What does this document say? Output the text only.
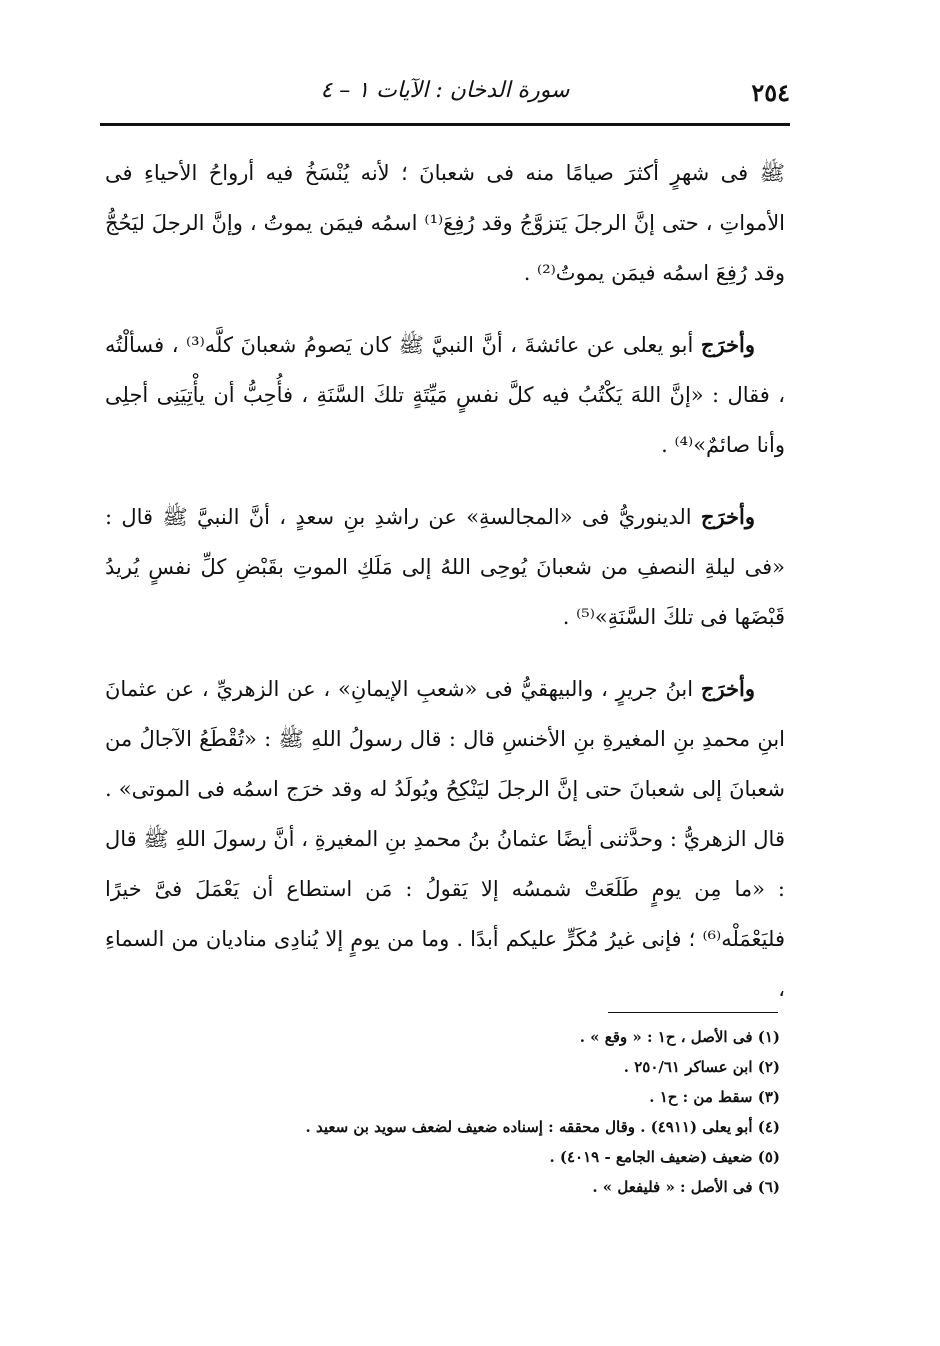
٢٥٤
سورة الدخان : الآيات ١ – ٤

ﷺ فى شهرٍ أكثرَ صيامًا منه فى شعبانَ ؛ لأنه يُنْسَخُ فيه أرواحُ الأحياءِ فى الأمواتِ ، حتى إنَّ الرجلَ يَتزوَّجُ وقد رُفِعَ⁽¹⁾ اسمُه فيمَن يموتُ ، وإنَّ الرجلَ ليَحُجُّ وقد رُفِعَ اسمُه فيمَن يموتُ⁽²⁾ .

وأخرَج أبو يعلى عن عائشةَ ، أنَّ النبيَّ ﷺ كان يَصومُ شعبانَ كلَّه⁽³⁾ ، فسألْتُه ، فقال : «إنَّ اللهَ يَكْتُبُ فيه كلَّ نفسٍ مَيِّتَةٍ تلكَ السَّنَةِ ، فأُحِبُّ أن يأْتِيَنِى أجلِى وأنا صائمٌ»⁽⁴⁾ .

وأخرَج الدينوريُّ فى «المجالسةِ» عن راشدِ بنِ سعدٍ ، أنَّ النبيَّ ﷺ قال : «فى ليلةِ النصفِ من شعبانَ يُوحِى اللهُ إلى مَلَكِ الموتِ بقَبْضِ كلِّ نفسٍ يُريدُ قَبْضَها فى تلكَ السَّنَةِ»⁽⁵⁾ .

وأخرَج ابنُ جريرٍ ، والبيهقيُّ فى «شعبِ الإيمانِ» ، عن الزهريِّ ، عن عثمانَ ابنِ محمدِ بنِ المغيرةِ بنِ الأخنسِ قال : قال رسولُ اللهِ ﷺ : «تُقْطَعُ الآجالُ من شعبانَ إلى شعبانَ حتى إنَّ الرجلَ ليَنْكِحُ ويُولَدُ له وقد خرَج اسمُه فى الموتى» . قال الزهريُّ : وحدَّثنى أيضًا عثمانُ بنُ محمدِ بنِ المغيرةِ ، أنَّ رسولَ اللهِ ﷺ قال : «ما مِن يومٍ طَلَعَتْ شمسُه إلا يَقولُ : مَن استطاع أن يَعْمَلَ فىَّ خيرًا فليَعْمَلْه⁽⁶⁾ ؛ فإنى غيرُ مُكَرٍّ عليكم أبدًا . وما من يومٍ إلا يُنادِى مناديان من السماءِ ،

(١) فى الأصل ، ح١ : « وقع » .

(٢) ابن عساكر ٢٥٠/٦١ .

(٣) سقط من : ح١ .

(٤) أبو يعلى (٤٩١١) . وقال محققه : إسناده ضعيف لضعف سويد بن سعيد .

(٥) ضعيف (ضعيف الجامع - ٤٠١٩) .

(٦) فى الأصل : « فليفعل » .
